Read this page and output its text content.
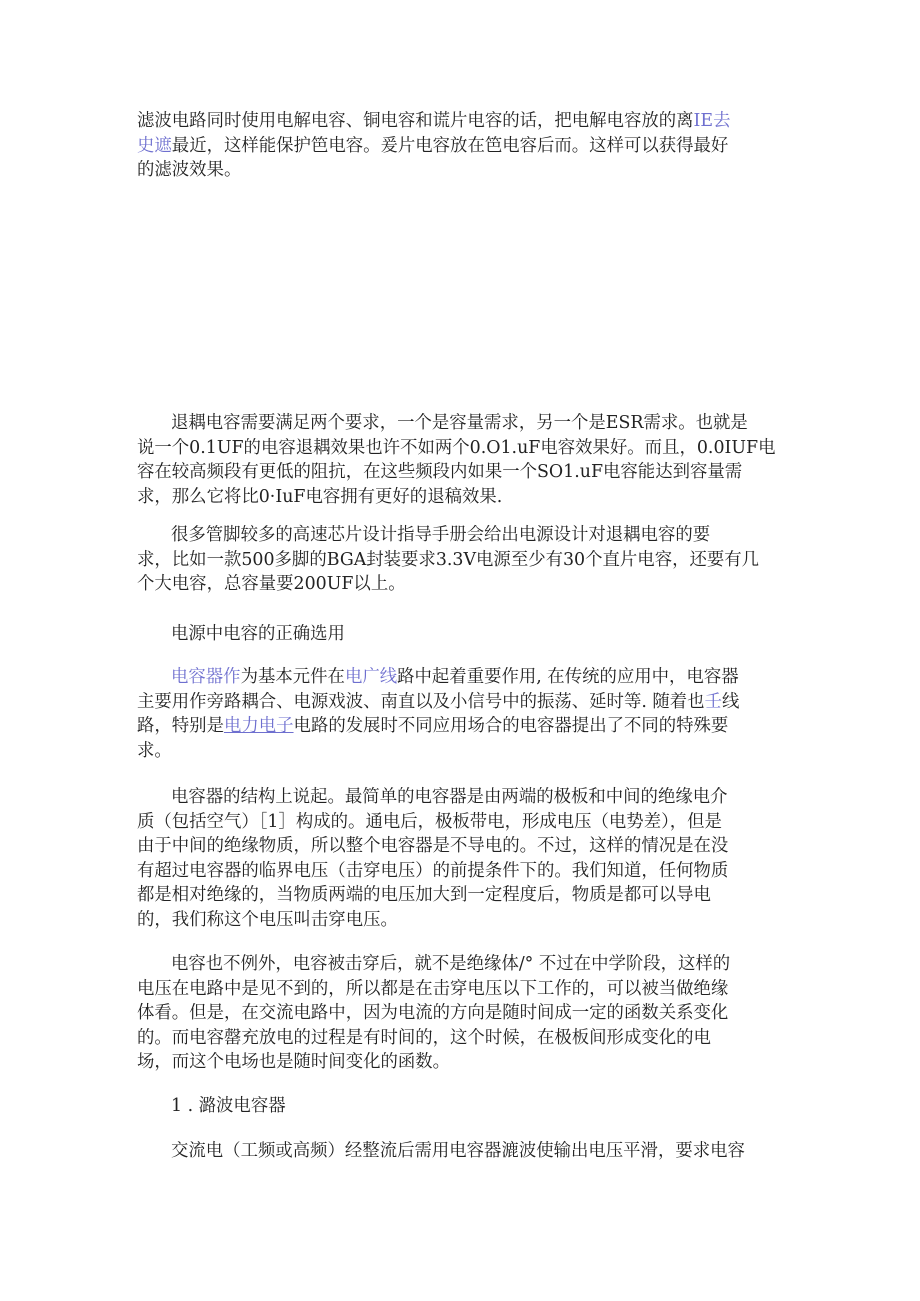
滤波电路同时使用电解电容、铜电容和谎片电容的话，把电解电容放的离IE去
史遮最近，这样能保护笆电容。爰片电容放在笆电容后而。这样可以获得最好
的滤波效果。

退耦电容需要满足两个要求，一个是容量需求，另一个是ESR需求。也就是
说一个0.1UF的电容退耦效果也许不如两个0.O1.uF电容效果好。而且，0.0IUF电
容在较高频段有更低的阻抗，在这些频段内如果一个SO1.uF电容能达到容量需
求，那么它将比0·IuF电容拥有更好的退稿效果.

很多管脚较多的高速芯片设计指导手册会给出电源设计对退耦电容的要
求，比如一款500多脚的BGA封装要求3.3V电源至少有30个直片电容，还要有几
个大电容，总容量要200UF以上。

电源中电容的正确选用

电容器作为基本元件在电广线路中起着重要作用, 在传统的应用中，电容器
主要用作旁路耦合、电源戏波、南直以及小信号中的振荡、延时等. 随着也壬线
路，特别是电力电子电路的发展时不同应用场合的电容器提出了不同的特殊要
求。

电容器的结构上说起。最简单的电容器是由两端的极板和中间的绝缘电介
质（包括空气）［1］构成的。通电后，极板带电，形成电压（电势差），但是
由于中间的绝缘物质，所以整个电容器是不导电的。不过，这样的情况是在没
有超过电容器的临界电压（击穿电压）的前提条件下的。我们知道，任何物质
都是相对绝缘的，当物质两端的电压加大到一定程度后，物质是都可以导电
的，我们称这个电压叫击穿电压。

电容也不例外，电容被击穿后，就不是绝缘体/° 不过在中学阶段，这样的
电压在电路中是见不到的，所以都是在击穿电压以下工作的，可以被当做绝缘
体看。但是，在交流电路中，因为电流的方向是随时间成一定的函数关系变化
的。而电容罄充放电的过程是有时间的，这个时候，在极板间形成变化的电
场，而这个电场也是随时间变化的函数。

1 . 潞波电容器

交流电（工频或高频）经整流后需用电容器漉波使输出电压平滑，要求电容
